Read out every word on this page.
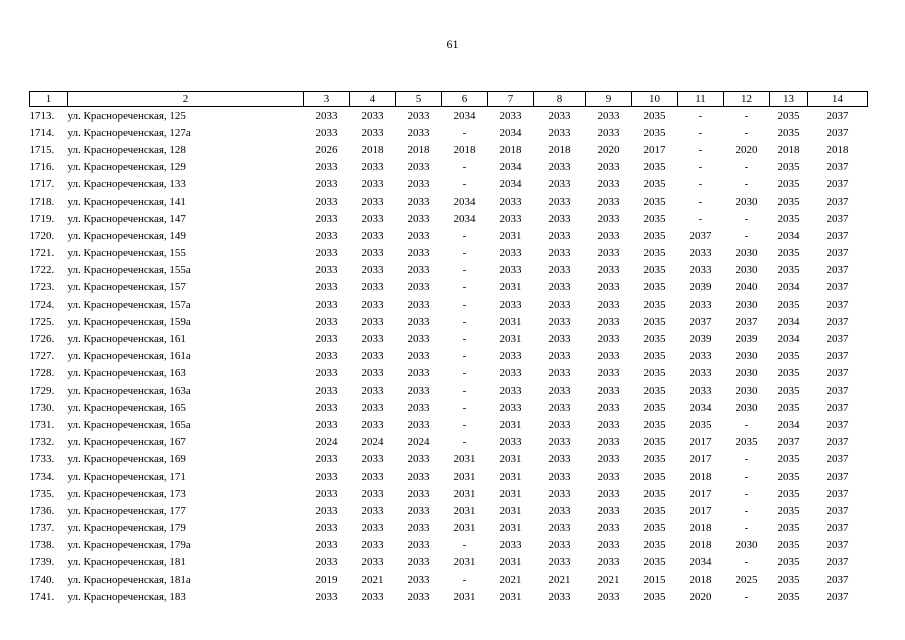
61
1	2	3	4	5	6	7	8	9	10	11	12	13	14
1713.	ул. Краснореченская, 125	2033	2033	2033	2034	2033	2033	2033	2035	-	-	2035	2037
1714.	ул. Краснореченская, 127а	2033	2033	2033	-	2034	2033	2033	2035	-	-	2035	2037
1715.	ул. Краснореченская, 128	2026	2018	2018	2018	2018	2018	2020	2017	-	2020	2018	2018
1716.	ул. Краснореченская, 129	2033	2033	2033	-	2034	2033	2033	2035	-	-	2035	2037
1717.	ул. Краснореченская, 133	2033	2033	2033	-	2034	2033	2033	2035	-	-	2035	2037
1718.	ул. Краснореченская, 141	2033	2033	2033	2034	2033	2033	2033	2035	-	2030	2035	2037
1719.	ул. Краснореченская, 147	2033	2033	2033	2034	2033	2033	2033	2035	-	-	2035	2037
1720.	ул. Краснореченская, 149	2033	2033	2033	-	2031	2033	2033	2035	2037	-	2034	2037
1721.	ул. Краснореченская, 155	2033	2033	2033	-	2033	2033	2033	2035	2033	2030	2035	2037
1722.	ул. Краснореченская, 155а	2033	2033	2033	-	2033	2033	2033	2035	2033	2030	2035	2037
1723.	ул. Краснореченская, 157	2033	2033	2033	-	2031	2033	2033	2035	2039	2040	2034	2037
1724.	ул. Краснореченская, 157а	2033	2033	2033	-	2033	2033	2033	2035	2033	2030	2035	2037
1725.	ул. Краснореченская, 159а	2033	2033	2033	-	2031	2033	2033	2035	2037	2037	2034	2037
1726.	ул. Краснореченская, 161	2033	2033	2033	-	2031	2033	2033	2035	2039	2039	2034	2037
1727.	ул. Краснореченская, 161а	2033	2033	2033	-	2033	2033	2033	2035	2033	2030	2035	2037
1728.	ул. Краснореченская, 163	2033	2033	2033	-	2033	2033	2033	2035	2033	2030	2035	2037
1729.	ул. Краснореченская, 163а	2033	2033	2033	-	2033	2033	2033	2035	2033	2030	2035	2037
1730.	ул. Краснореченская, 165	2033	2033	2033	-	2033	2033	2033	2035	2034	2030	2035	2037
1731.	ул. Краснореченская, 165а	2033	2033	2033	-	2031	2033	2033	2035	2035	-	2034	2037
1732.	ул. Краснореченская, 167	2024	2024	2024	-	2033	2033	2033	2035	2017	2035	2037	2037
1733.	ул. Краснореченская, 169	2033	2033	2033	2031	2031	2033	2033	2035	2017	-	2035	2037
1734.	ул. Краснореченская, 171	2033	2033	2033	2031	2031	2033	2033	2035	2018	-	2035	2037
1735.	ул. Краснореченская, 173	2033	2033	2033	2031	2031	2033	2033	2035	2017	-	2035	2037
1736.	ул. Краснореченская, 177	2033	2033	2033	2031	2031	2033	2033	2035	2017	-	2035	2037
1737.	ул. Краснореченская, 179	2033	2033	2033	2031	2031	2033	2033	2035	2018	-	2035	2037
1738.	ул. Краснореченская, 179а	2033	2033	2033	-	2033	2033	2033	2035	2018	2030	2035	2037
1739.	ул. Краснореченская, 181	2033	2033	2033	2031	2031	2033	2033	2035	2034	-	2035	2037
1740.	ул. Краснореченская, 181а	2019	2021	2033	-	2021	2021	2021	2015	2018	2025	2035	2037
1741.	ул. Краснореченская, 183	2033	2033	2033	2031	2031	2033	2033	2035	2020	-	2035	2037
